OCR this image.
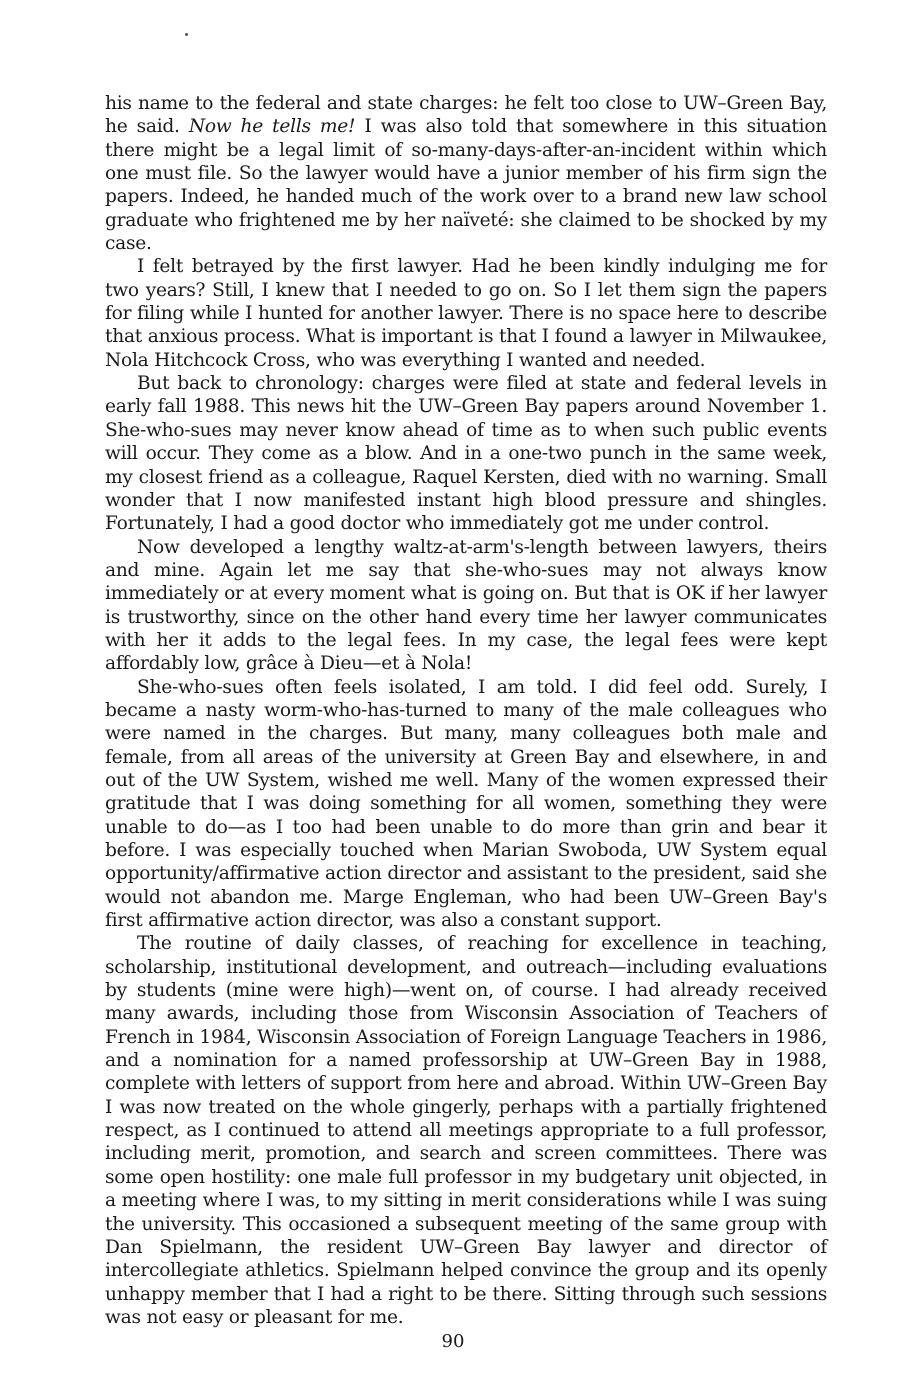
his name to the federal and state charges: he felt too close to UW–Green Bay, he said. Now he tells me! I was also told that somewhere in this situation there might be a legal limit of so-many-days-after-an-incident within which one must file. So the lawyer would have a junior member of his firm sign the papers. Indeed, he handed much of the work over to a brand new law school graduate who frightened me by her naïveté: she claimed to be shocked by my case.

I felt betrayed by the first lawyer. Had he been kindly indulging me for two years? Still, I knew that I needed to go on. So I let them sign the papers for filing while I hunted for another lawyer. There is no space here to describe that anxious process. What is important is that I found a lawyer in Milwaukee, Nola Hitchcock Cross, who was everything I wanted and needed.

But back to chronology: charges were filed at state and federal levels in early fall 1988. This news hit the UW–Green Bay papers around November 1. She-who-sues may never know ahead of time as to when such public events will occur. They come as a blow. And in a one-two punch in the same week, my closest friend as a colleague, Raquel Kersten, died with no warning. Small wonder that I now manifested instant high blood pressure and shingles. Fortunately, I had a good doctor who immediately got me under control.

Now developed a lengthy waltz-at-arm's-length between lawyers, theirs and mine. Again let me say that she-who-sues may not always know immediately or at every moment what is going on. But that is OK if her lawyer is trustworthy, since on the other hand every time her lawyer communicates with her it adds to the legal fees. In my case, the legal fees were kept affordably low, grâce à Dieu—et à Nola!

She-who-sues often feels isolated, I am told. I did feel odd. Surely, I became a nasty worm-who-has-turned to many of the male colleagues who were named in the charges. But many, many colleagues both male and female, from all areas of the university at Green Bay and elsewhere, in and out of the UW System, wished me well. Many of the women expressed their gratitude that I was doing something for all women, something they were unable to do—as I too had been unable to do more than grin and bear it before. I was especially touched when Marian Swoboda, UW System equal opportunity/affirmative action director and assistant to the president, said she would not abandon me. Marge Engleman, who had been UW–Green Bay's first affirmative action director, was also a constant support.

The routine of daily classes, of reaching for excellence in teaching, scholarship, institutional development, and outreach—including evaluations by students (mine were high)—went on, of course. I had already received many awards, including those from Wisconsin Association of Teachers of French in 1984, Wisconsin Association of Foreign Language Teachers in 1986, and a nomination for a named professorship at UW–Green Bay in 1988, complete with letters of support from here and abroad. Within UW–Green Bay I was now treated on the whole gingerly, perhaps with a partially frightened respect, as I continued to attend all meetings appropriate to a full professor, including merit, promotion, and search and screen committees. There was some open hostility: one male full professor in my budgetary unit objected, in a meeting where I was, to my sitting in merit considerations while I was suing the university. This occasioned a subsequent meeting of the same group with Dan Spielmann, the resident UW–Green Bay lawyer and director of intercollegiate athletics. Spielmann helped convince the group and its openly unhappy member that I had a right to be there. Sitting through such sessions was not easy or pleasant for me.

90
